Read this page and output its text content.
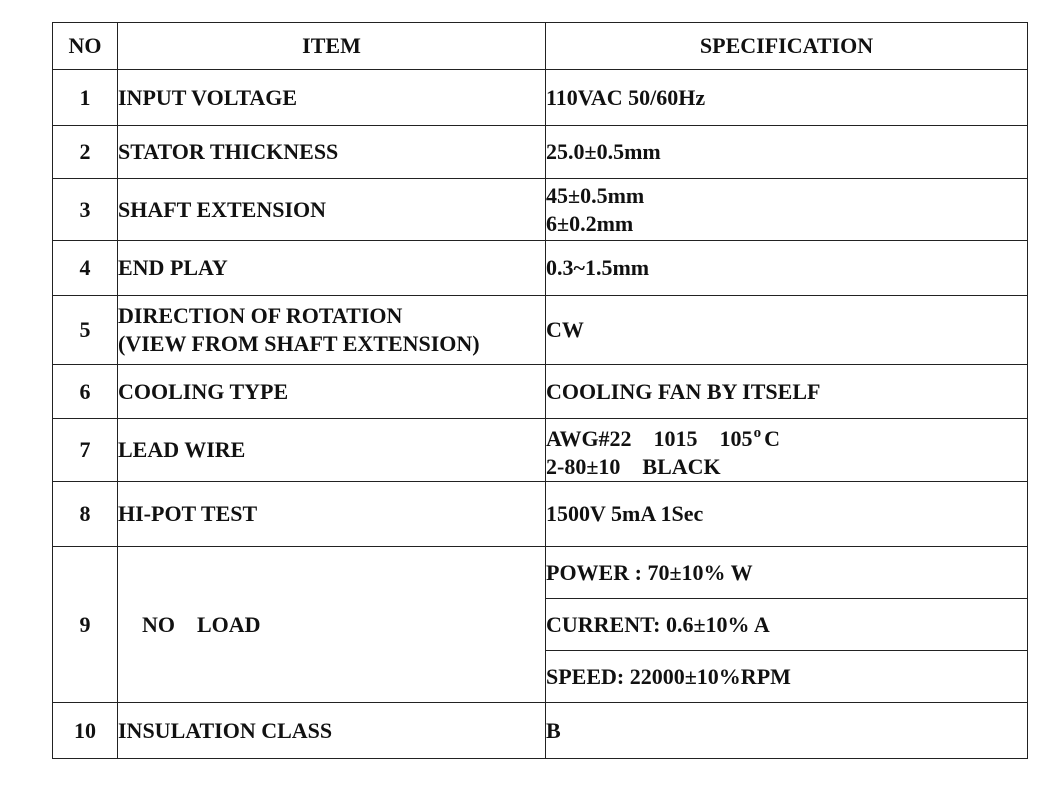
NO	ITEM	SPECIFICATION
1	INPUT VOLTAGE	110VAC 50/60Hz
2	STATOR THICKNESS	25.0±0.5mm
3	SHAFT EXTENSION	45±0.5mm
6±0.2mm

4	END PLAY	0.3~1.5mm
5	DIRECTION OF ROTATION
(VIEW FROM SHAFT EXTENSION)	CW
6	COOLING TYPE	COOLING FAN BY ITSELF
7	LEAD WIRE	AWG#22    1015    105$^o$ C
2-80±10    BLACK

8	HI-POT TEST	1500V 5mA 1Sec
9	NO    LOAD	POWER : 70±10% W
		CURRENT: 0.6±10% A
		SPEED: 22000±10%RPM
10	INSULATION CLASS	B
